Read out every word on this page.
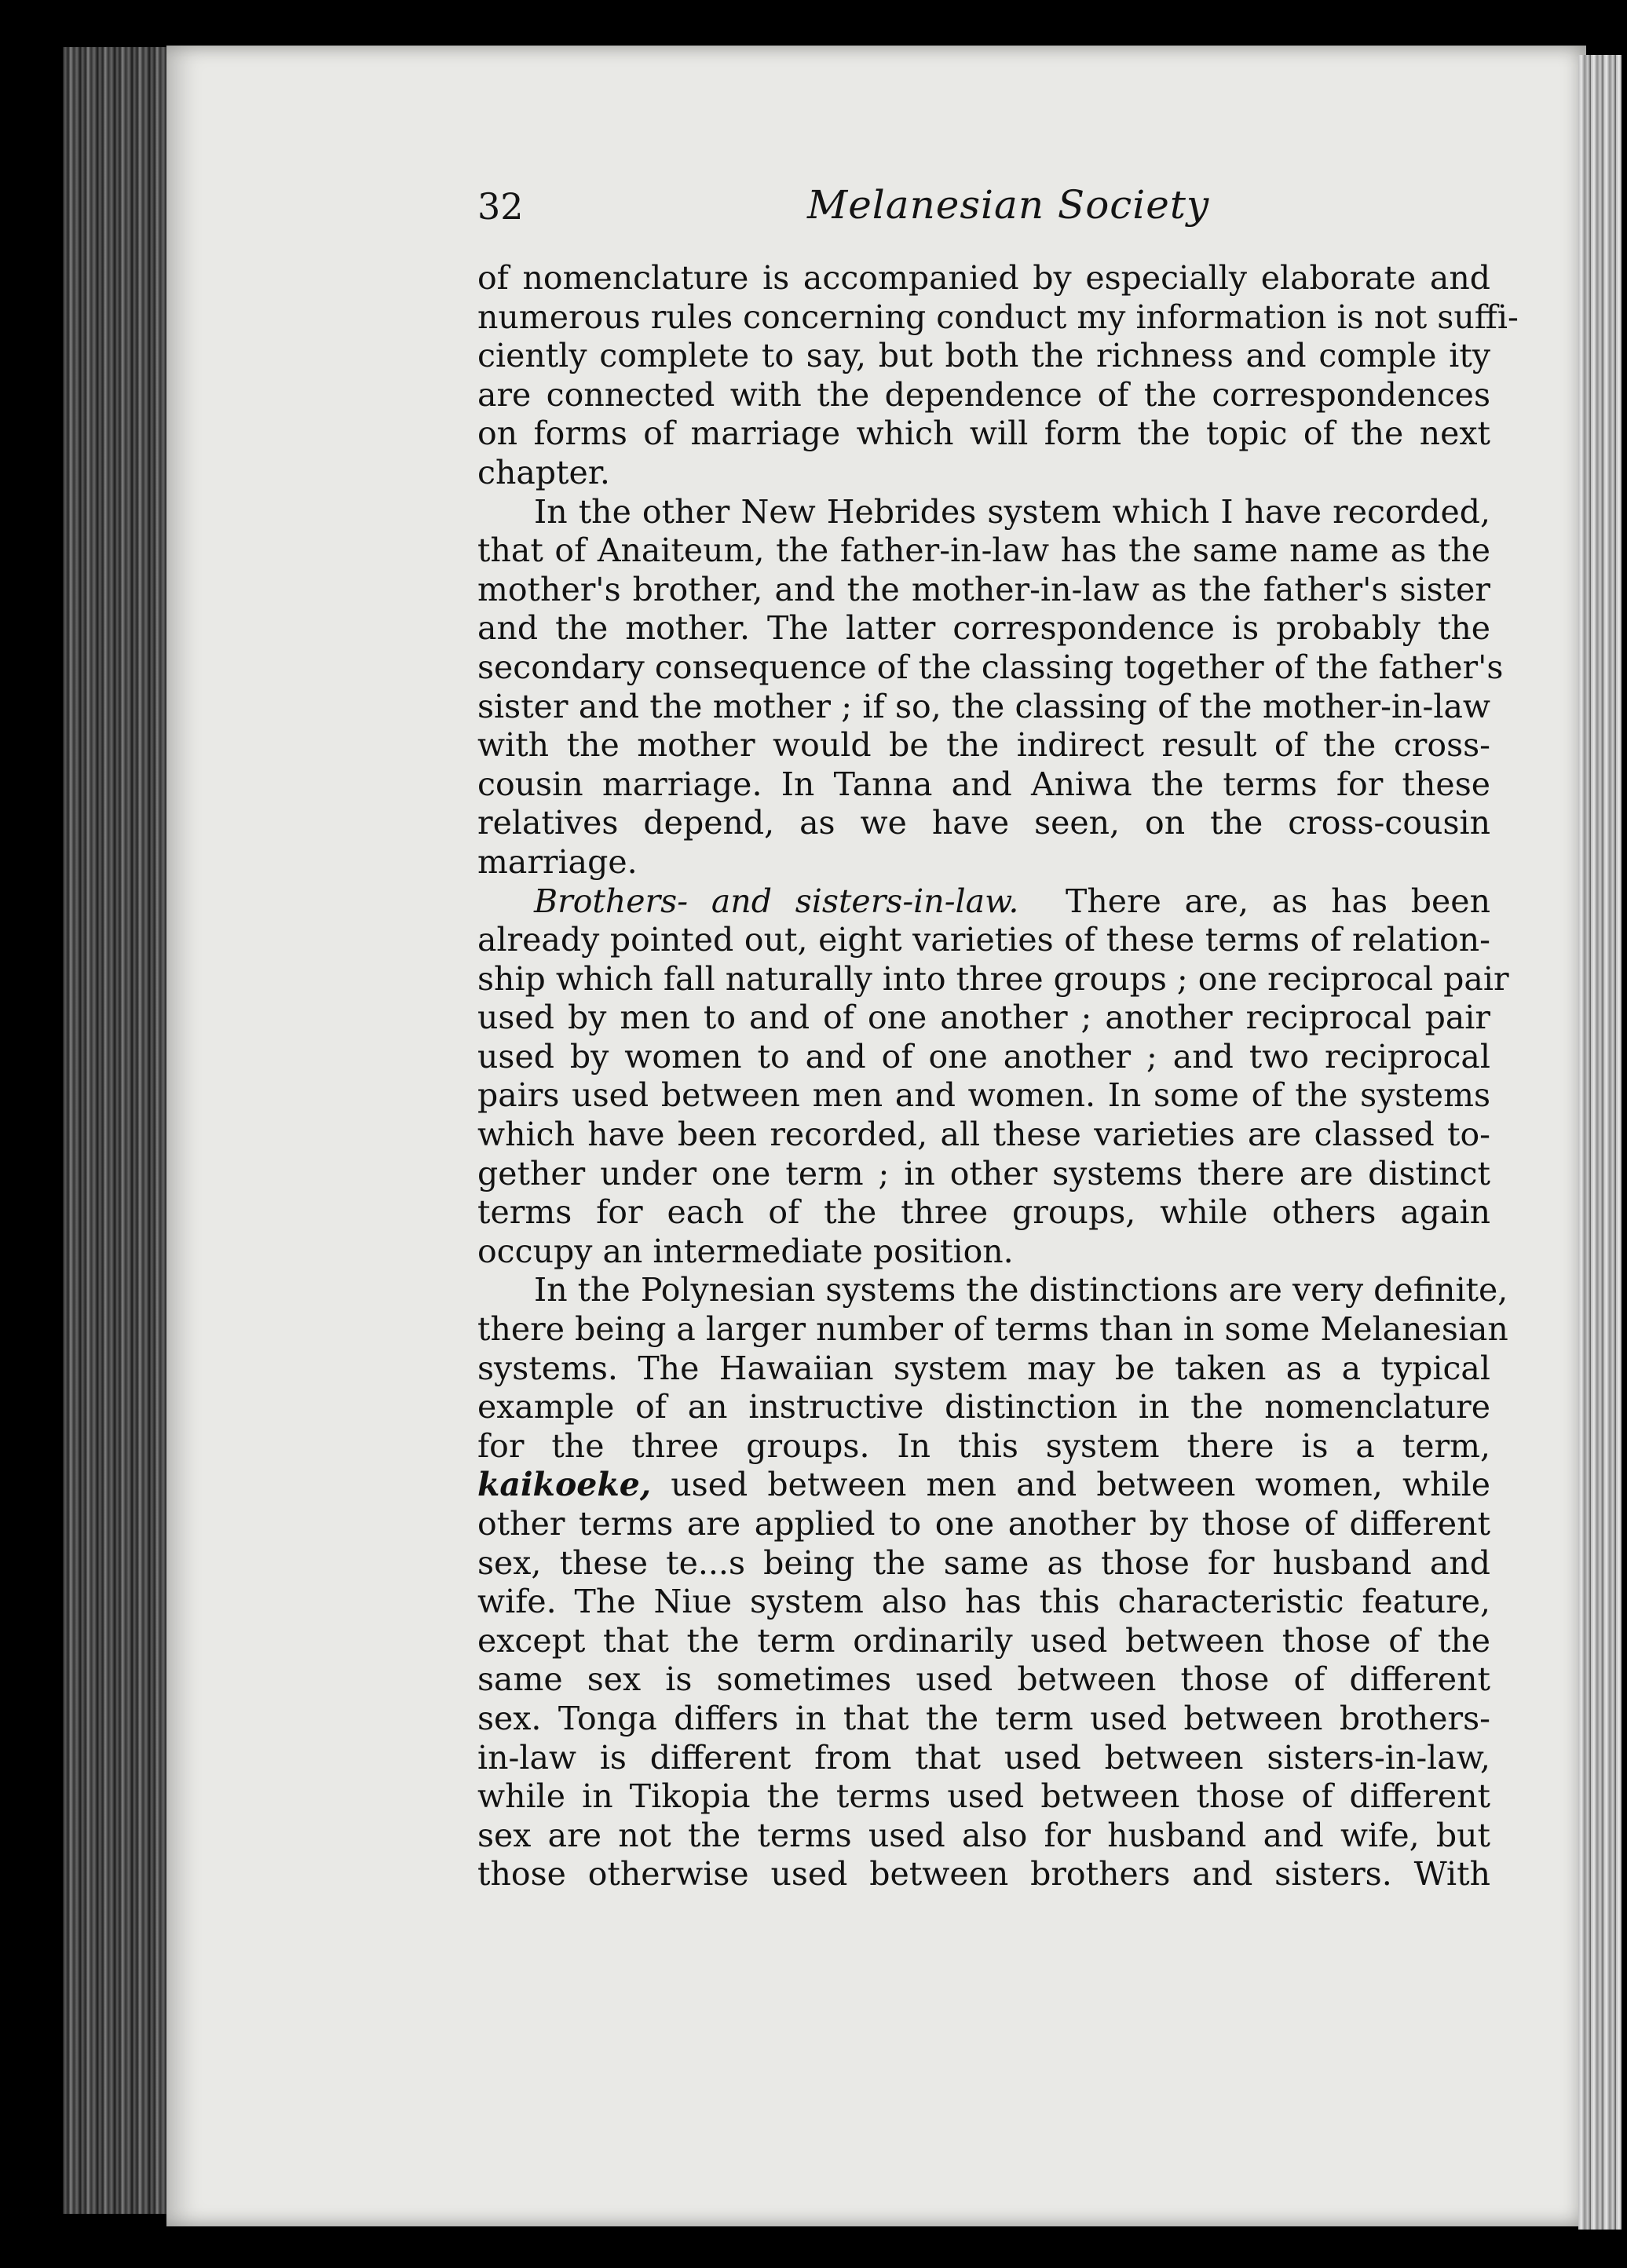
32	Melanesian Society
of nomenclature is accompanied by especially elaborate and
numerous rules concerning conduct my information is not suffi-
ciently complete to say, but both the richness and comple ity
are connected with the dependence of the correspondences
on forms of marriage which will form the topic of the next
chapter.
In the other New Hebrides system which I have recorded,
that of Anaiteum, the father-in-law has the same name as the
mother's brother, and the mother-in-law as the father's sister
and the mother. The latter correspondence is probably the
secondary consequence of the classing together of the father's
sister and the mother ; if so, the classing of the mother-in-law
with the mother would be the indirect result of the cross-
cousin marriage. In Tanna and Aniwa the terms for these
relatives depend, as we have seen, on the cross-cousin
marriage.
Brothers- and sisters-in-law. There are, as has been
already pointed out, eight varieties of these terms of relation-
ship which fall naturally into three groups ; one reciprocal pair
used by men to and of one another ; another reciprocal pair
used by women to and of one another ; and two reciprocal
pairs used between men and women. In some of the systems
which have been recorded, all these varieties are classed to-
gether under one term ; in other systems there are distinct
terms for each of the three groups, while others again
occupy an intermediate position.
In the Polynesian systems the distinctions are very definite,
there being a larger number of terms than in some Melanesian
systems. The Hawaiian system may be taken as a typical
example of an instructive distinction in the nomenclature
for the three groups. In this system there is a term,
kaikoeke, used between men and between women, while
other terms are applied to one another by those of different
sex, these te...s being the same as those for husband and
wife. The Niue system also has this characteristic feature,
except that the term ordinarily used between those of the
same sex is sometimes used between those of different
sex. Tonga differs in that the term used between brothers-
in-law is different from that used between sisters-in-law,
while in Tikopia the terms used between those of different
sex are not the terms used also for husband and wife, but
those otherwise used between brothers and sisters. With
